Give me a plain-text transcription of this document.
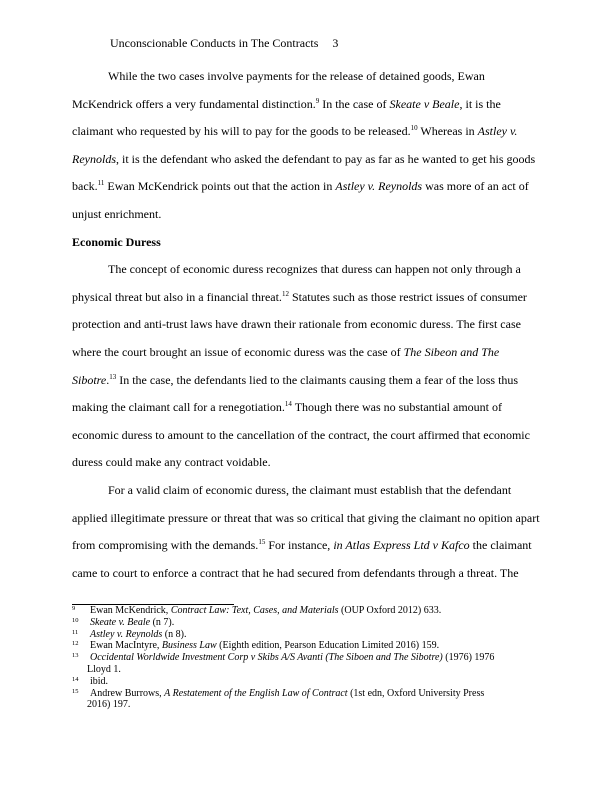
Unconscionable Conducts in The Contracts 3
While the two cases involve payments for the release of detained goods, Ewan
McKendrick offers a very fundamental distinction.$^9$ In the case of Skeate v Beale, it is the
claimant who requested by his will to pay for the goods to be released.$^{10}$ Whereas in Astley v.
Reynolds, it is the defendant who asked the defendant to pay as far as he wanted to get his goods
back.$^{11}$ Ewan McKendrick points out that the action in Astley v. Reynolds was more of an act of
unjust enrichment.
Economic Duress
The concept of economic duress recognizes that duress can happen not only through a
physical threat but also in a financial threat.$^{12}$ Statutes such as those restrict issues of consumer
protection and anti-trust laws have drawn their rationale from economic duress. The first case
where the court brought an issue of economic duress was the case of The Sibeon and The
Sibotre.$^{13}$ In the case, the defendants lied to the claimants causing them a fear of the loss thus
making the claimant call for a renegotiation.$^{14}$ Though there was no substantial amount of
economic duress to amount to the cancellation of the contract, the court affirmed that economic
duress could make any contract voidable.
For a valid claim of economic duress, the claimant must establish that the defendant
applied illegitimate pressure or threat that was so critical that giving the claimant no opition apart
from compromising with the demands.$^{15}$ For instance, in Atlas Express Ltd v Kafco the claimant
came to court to enforce a contract that he had secured from defendants through a threat. The
9 Ewan McKendrick, Contract Law: Text, Cases, and Materials (OUP Oxford 2012) 633.
10 Skeate v. Beale (n 7).
11 Astley v. Reynolds (n 8).
12 Ewan MacIntyre, Business Law (Eighth edition, Pearson Education Limited 2016) 159.
13 Occidental Worldwide Investment Corp v Skibs A/S Avanti (The Siboen and The Sibotre) (1976) 1976
Lloyd 1.
14 ibid.
15 Andrew Burrows, A Restatement of the English Law of Contract (1st edn, Oxford University Press
2016) 197.
